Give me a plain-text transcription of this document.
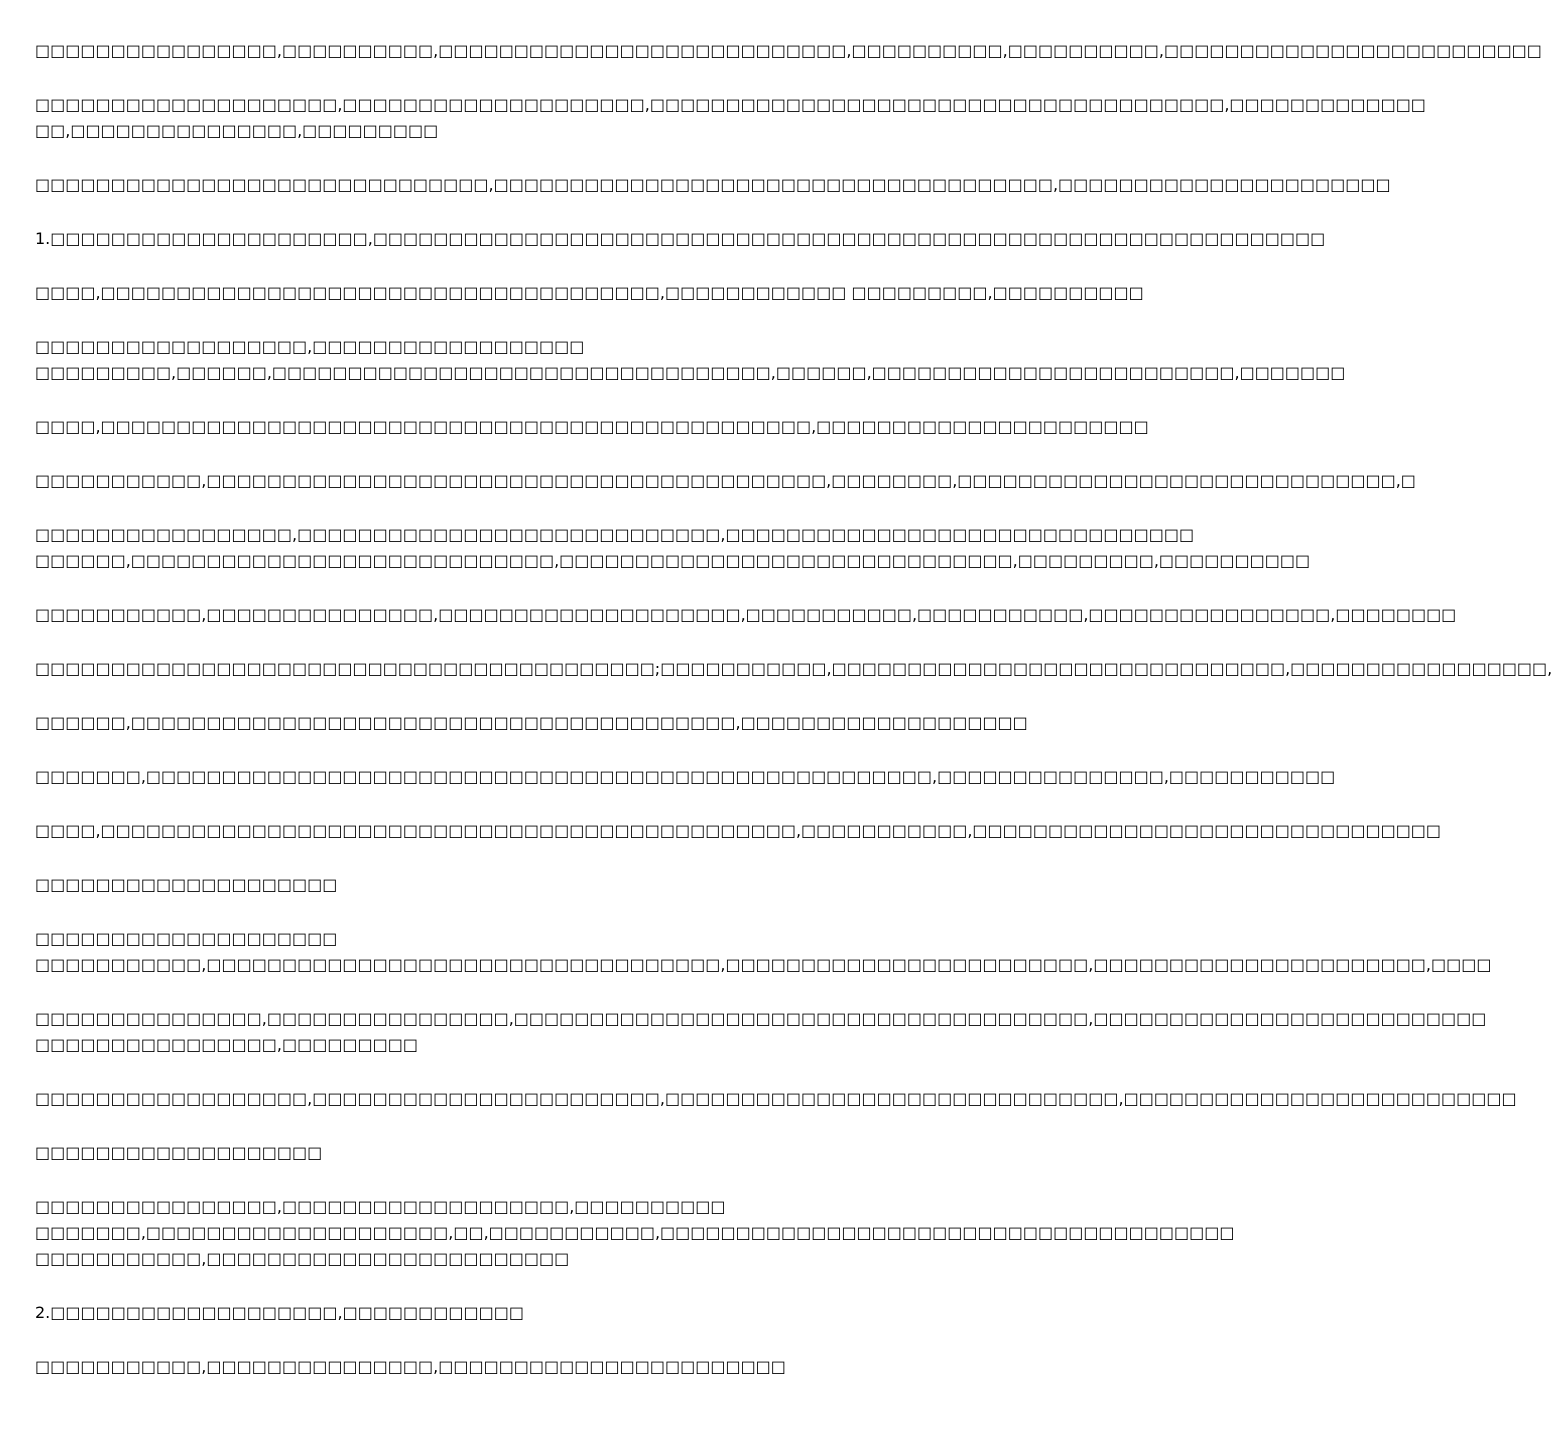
□□□□□□□□□□□□□□□□,□□□□□□□□□□,□□□□□□□□□□□□□□□□□□□□□□□□□□□,□□□□□□□□□□,□□□□□□□□□□,□□□□□□□□□□□□□□□□□□□□□□□□□
□□□□□□□□□□□□□□□□□□□□,□□□□□□□□□□□□□□□□□□□□,□□□□□□□□□□□□□□□□□□□□□□□□□□□□□□□□□□□□□□,□□□□□□□□□□□□□
□□,□□□□□□□□□□□□□□□,□□□□□□□□□
□□□□□□□□□□□□□□□□□□□□□□□□□□□□□□,□□□□□□□□□□□□□□□□□□□□□□□□□□□□□□□□□□□□□,□□□□□□□□□□□□□□□□□□□□□□
1.□□□□□□□□□□□□□□□□□□□□□,□□□□□□□□□□□□□□□□□□□□□□□□□□□□□□□□□□□□□□□□□□□□□□□□□□□□□□□□□□□□□□□
□□□□,□□□□□□□□□□□□□□□□□□□□□□□□□□□□□□□□□□□□□,□□□□□□□□□□□□ □□□□□□□□□,□□□□□□□□□□
□□□□□□□□□□□□□□□□□□,□□□□□□□□□□□□□□□□□□
□□□□□□□□□,□□□□□□,□□□□□□□□□□□□□□□□□□□□□□□□□□□□□□□□□,□□□□□□,□□□□□□□□□□□□□□□□□□□□□□□□,□□□□□□□
□□□□,□□□□□□□□□□□□□□□□□□□□□□□□□□□□□□□□□□□□□□□□□□□□□□□,□□□□□□□□□□□□□□□□□□□□□□
□□□□□□□□□□□,□□□□□□□□□□□□□□□□□□□□□□□□□□□□□□□□□□□□□□□□□,□□□□□□□□,□□□□□□□□□□□□□□□□□□□□□□□□□□□□□,□
□□□□□□□□□□□□□□□□□,□□□□□□□□□□□□□□□□□□□□□□□□□□□□,□□□□□□□□□□□□□□□□□□□□□□□□□□□□□□□
□□□□□□,□□□□□□□□□□□□□□□□□□□□□□□□□□□□,□□□□□□□□□□□□□□□□□□□□□□□□□□□□□□,□□□□□□□□□,□□□□□□□□□□
□□□□□□□□□□□,□□□□□□□□□□□□□□□,□□□□□□□□□□□□□□□□□□□□,□□□□□□□□□□□,□□□□□□□□□□□,□□□□□□□□□□□□□□□□,□□□□□□□□
□□□□□□□□□□□□□□□□□□□□□□□□□□□□□□□□□□□□□□□□□;□□□□□□□□□□□,□□□□□□□□□□□□□□□□□□□□□□□□□□□□□□,□□□□□□□□□□□□□□□□□,
□□□□□□,□□□□□□□□□□□□□□□□□□□□□□□□□□□□□□□□□□□□□□□□,□□□□□□□□□□□□□□□□□□□
□□□□□□□,□□□□□□□□□□□□□□□□□□□□□□□□□□□□□□□□□□□□□□□□□□□□□□□□□□□□,□□□□□□□□□□□□□□□,□□□□□□□□□□□
□□□□,□□□□□□□□□□□□□□□□□□□□□□□□□□□□□□□□□□□□□□□□□□□□□□,□□□□□□□□□□□,□□□□□□□□□□□□□□□□□□□□□□□□□□□□□□□
□□□□□□□□□□□□□□□□□□□□
□□□□□□□□□□□□□□□□□□□□
□□□□□□□□□□□,□□□□□□□□□□□□□□□□□□□□□□□□□□□□□□□□□□,□□□□□□□□□□□□□□□□□□□□□□□□,□□□□□□□□□□□□□□□□□□□□□□,□□□□
□□□□□□□□□□□□□□□,□□□□□□□□□□□□□□□□,□□□□□□□□□□□□□□□□□□□□□□□□□□□□□□□□□□□□□□,□□□□□□□□□□□□□□□□□□□□□□□□□□
□□□□□□□□□□□□□□□□,□□□□□□□□□
□□□□□□□□□□□□□□□□□□,□□□□□□□□□□□□□□□□□□□□□□□,□□□□□□□□□□□□□□□□□□□□□□□□□□□□□□,□□□□□□□□□□□□□□□□□□□□□□□□□□
□□□□□□□□□□□□□□□□□□□
□□□□□□□□□□□□□□□□,□□□□□□□□□□□□□□□□□□□,□□□□□□□□□□
□□□□□□□,□□□□□□□□□□□□□□□□□□□□,□□,□□□□□□□□□□□,□□□□□□□□□□□□□□□□□□□□□□□□□□□□□□□□□□□□□□
□□□□□□□□□□□,□□□□□□□□□□□□□□□□□□□□□□□□
2.□□□□□□□□□□□□□□□□□□□,□□□□□□□□□□□□
□□□□□□□□□□□,□□□□□□□□□□□□□□□,□□□□□□□□□□□□□□□□□□□□□□□
